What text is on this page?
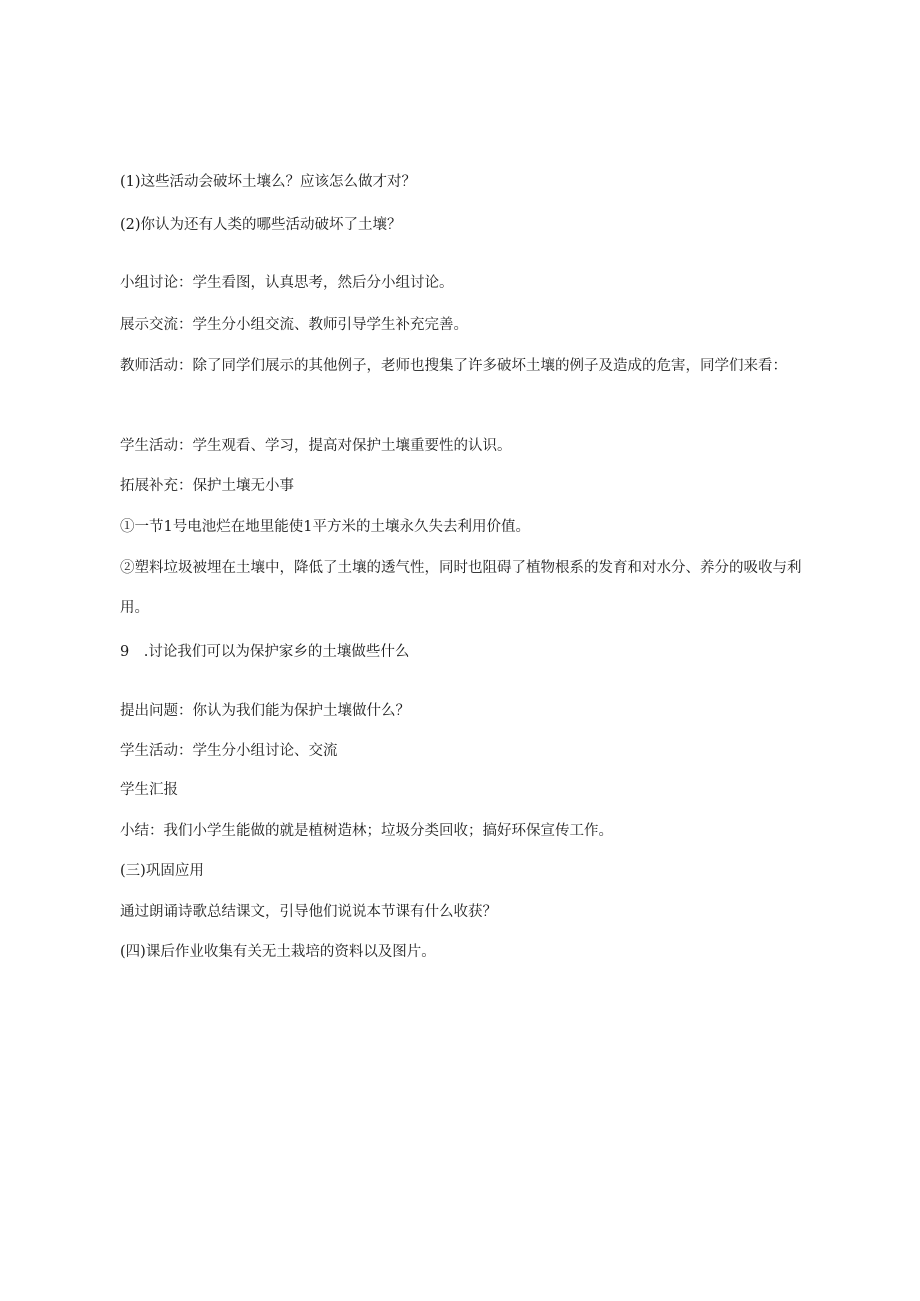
(1)这些活动会破坏土壤么？应该怎么做才对？
(2)你认为还有人类的哪些活动破坏了土壤？
小组讨论：学生看图，认真思考，然后分小组讨论。
展示交流：学生分小组交流、教师引导学生补充完善。
教师活动：除了同学们展示的其他例子，老师也搜集了许多破坏土壤的例子及造成的危害，同学们来看：
学生活动：学生观看、学习，提高对保护土壤重要性的认识。
拓展补充：保护土壤无小事
①一节1号电池烂在地里能使1平方米的土壤永久失去利用价值。
②塑料垃圾被埋在土壤中，降低了土壤的透气性，同时也阻碍了植物根系的发育和对水分、养分的吸收与利用。
9　.讨论我们可以为保护家乡的土壤做些什么
提出问题：你认为我们能为保护土壤做什么？
学生活动：学生分小组讨论、交流
学生汇报
小结：我们小学生能做的就是植树造林；垃圾分类回收；搞好环保宣传工作。
(三)巩固应用
通过朗诵诗歌总结课文，引导他们说说本节课有什么收获？
(四)课后作业收集有关无土栽培的资料以及图片。
